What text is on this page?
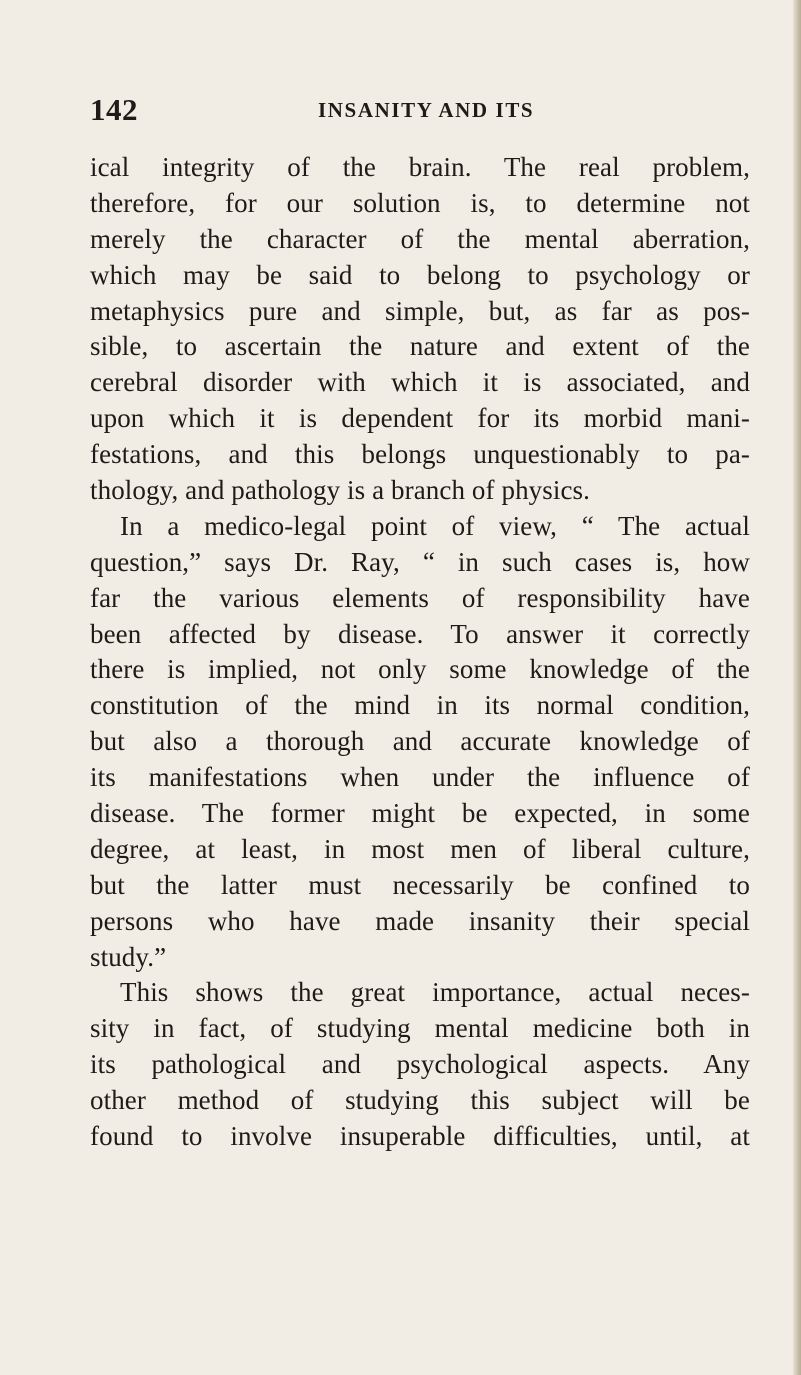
142	INSANITY AND ITS
ical integrity of the brain. The real problem,
therefore, for our solution is, to determine not
merely the character of the mental aberration,
which may be said to belong to psychology or
metaphysics pure and simple, but, as far as pos-
sible, to ascertain the nature and extent of the
cerebral disorder with which it is associated, and
upon which it is dependent for its morbid mani-
festations, and this belongs unquestionably to pa-
thology, and pathology is a branch of physics.
In a medico-legal point of view, “ The actual
question,” says Dr. Ray, “ in such cases is, how
far the various elements of responsibility have
been affected by disease. To answer it correctly
there is implied, not only some knowledge of the
constitution of the mind in its normal condition,
but also a thorough and accurate knowledge of
its manifestations when under the influence of
disease. The former might be expected, in some
degree, at least, in most men of liberal culture,
but the latter must necessarily be confined to
persons who have made insanity their special
study.”
This shows the great importance, actual neces-
sity in fact, of studying mental medicine both in
its pathological and psychological aspects. Any
other method of studying this subject will be
found to involve insuperable difficulties, until, at
